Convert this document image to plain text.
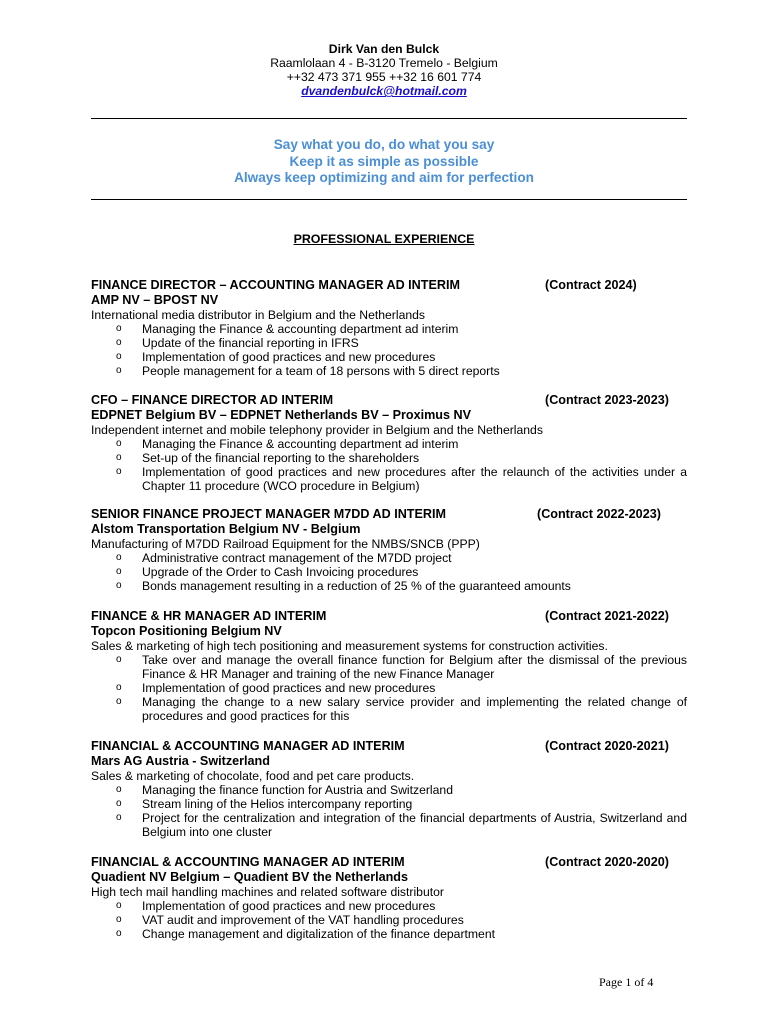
Dirk Van den Bulck
Raamlolaan 4 - B-3120 Tremelo - Belgium
++32 473 371 955 ++32 16 601 774
dvandenbulck@hotmail.com
Say what you do, do what you say
Keep it as simple as possible
Always keep optimizing and aim for perfection
PROFESSIONAL EXPERIENCE
FINANCE DIRECTOR – ACCOUNTING MANAGER AD INTERIM	(Contract 2024)
AMP NV – BPOST NV
International media distributor in Belgium and the Netherlands
o Managing the Finance & accounting department ad interim
o Update of the financial reporting in IFRS
o Implementation of good practices and new procedures
o People management for a team of 18 persons with 5 direct reports
CFO – FINANCE DIRECTOR AD INTERIM	(Contract 2023-2023)
EDPNET Belgium BV – EDPNET Netherlands BV – Proximus NV
Independent internet and mobile telephony provider in Belgium and the Netherlands
o Managing the Finance & accounting department ad interim
o Set-up of the financial reporting to the shareholders
o Implementation of good practices and new procedures after the relaunch of the activities under a Chapter 11 procedure (WCO procedure in Belgium)
SENIOR FINANCE PROJECT MANAGER M7DD AD INTERIM	(Contract 2022-2023)
Alstom Transportation Belgium NV - Belgium
Manufacturing of M7DD Railroad Equipment for the NMBS/SNCB (PPP)
o Administrative contract management of the M7DD project
o Upgrade of the Order to Cash Invoicing procedures
o Bonds management resulting in a reduction of 25 % of the guaranteed amounts
FINANCE & HR MANAGER AD INTERIM	(Contract 2021-2022)
Topcon Positioning Belgium NV
Sales & marketing of high tech positioning and measurement systems for construction activities.
o Take over and manage the overall finance function for Belgium after the dismissal of the previous Finance & HR Manager and training of the new Finance Manager
o Implementation of good practices and new procedures
o Managing the change to a new salary service provider and implementing the related change of procedures and good practices for this
FINANCIAL & ACCOUNTING MANAGER AD INTERIM	(Contract 2020-2021)
Mars AG Austria - Switzerland
Sales & marketing of chocolate, food and pet care products.
o Managing the finance function for Austria and Switzerland
o Stream lining of the Helios intercompany reporting
o Project for the centralization and integration of the financial departments of Austria, Switzerland and Belgium into one cluster
FINANCIAL & ACCOUNTING MANAGER AD INTERIM	(Contract 2020-2020)
Quadient NV Belgium – Quadient BV the Netherlands
High tech mail handling machines and related software distributor
o Implementation of good practices and new procedures
o VAT audit and improvement of the VAT handling procedures
o Change management and digitalization of the finance department
Page 1 of 4
